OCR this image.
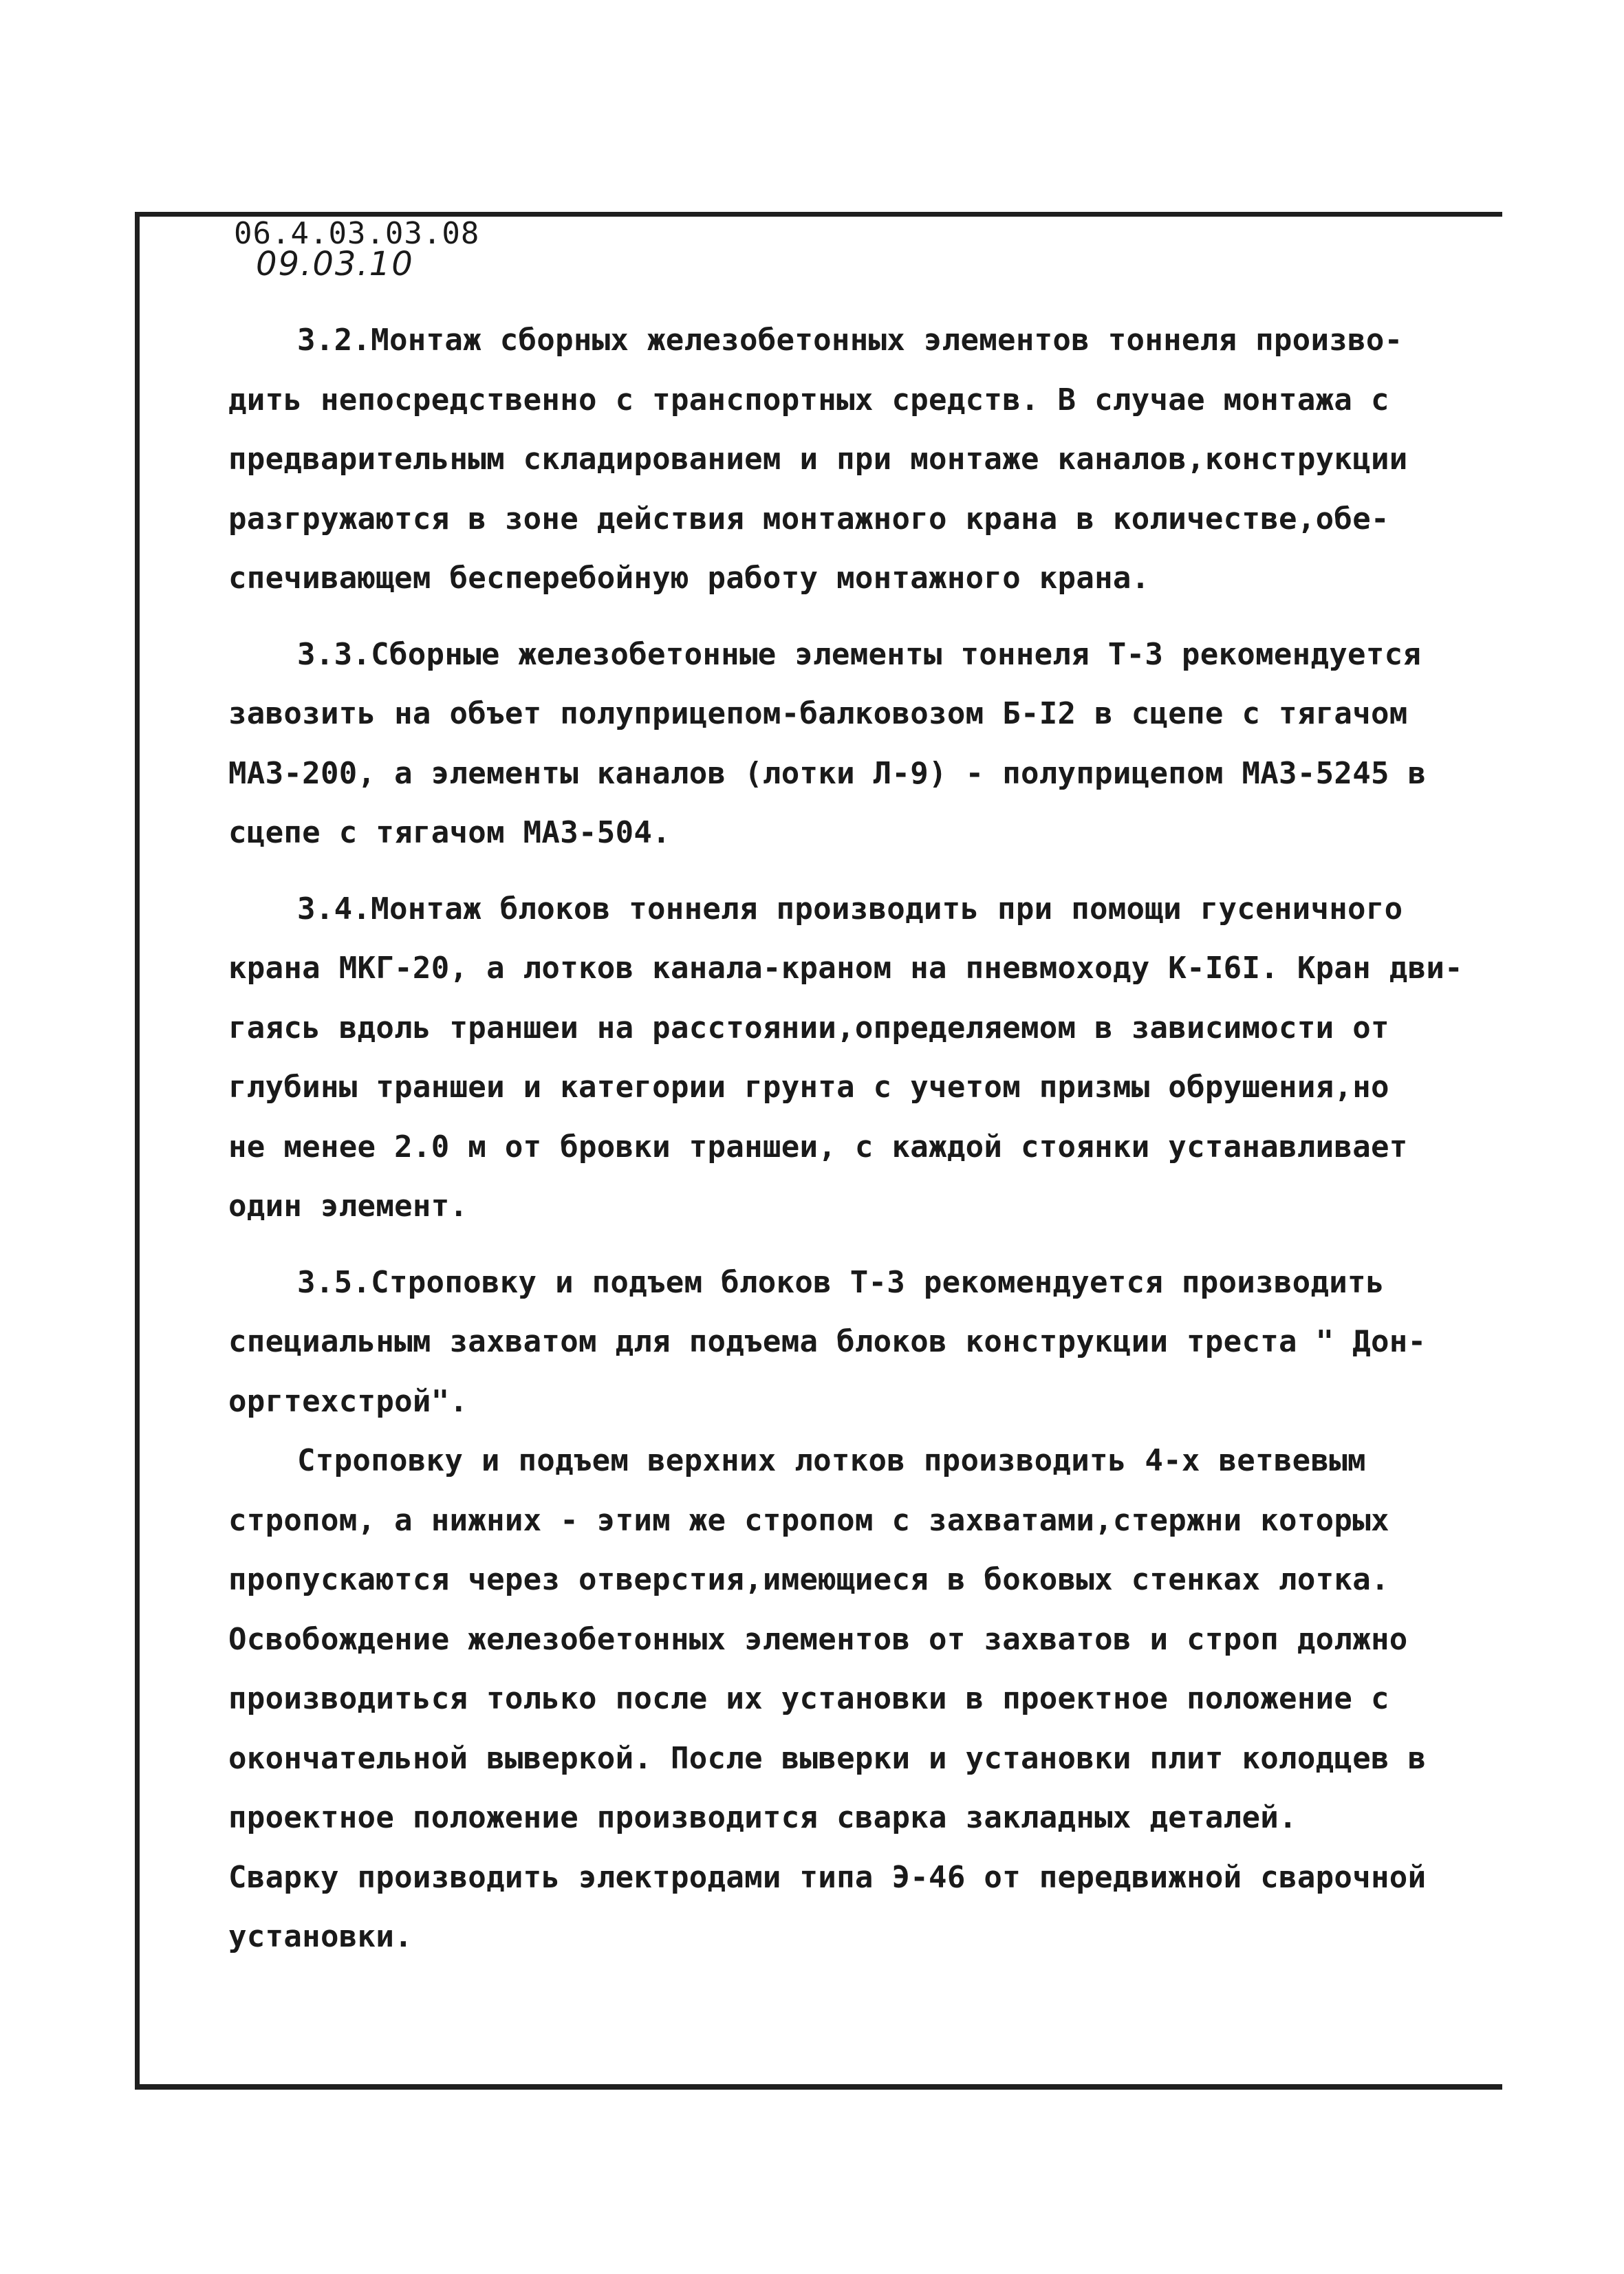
06.4.03.03.08
09.03.10
3.2.Монтаж сборных железобетонных элементов тоннеля произво-
дить непосредственно с транспортных средств. В случае монтажа с
предварительным складированием и при монтаже каналов,конструкции
разгружаются в зоне действия монтажного крана в количестве,обе-
спечивающем бесперебойную работу монтажного крана.
3.3.Сборные железобетонные элементы тоннеля Т-3 рекомендуется
завозить на объет полуприцепом-балковозом Б-I2 в сцепе с тягачом
МАЗ-200, а элементы каналов (лотки Л-9) - полуприцепом МАЗ-5245 в
сцепе с тягачом МАЗ-504.
3.4.Монтаж блоков тоннеля производить при помощи гусеничного
крана МКГ-20, а лотков канала-краном на пневмоходу К-I6I. Кран дви-
гаясь вдоль траншеи на расстоянии,определяемом в зависимости от
глубины траншеи и категории грунта с учетом призмы обрушения,но
не менее 2.0 м от бровки траншеи, с каждой стоянки устанавливает
один элемент.
3.5.Строповку и подъем блоков Т-3 рекомендуется производить
специальным захватом для подъема блоков конструкции треста " Дон-
оргтехстрой".
Строповку и подъем верхних лотков производить 4-х ветвевым
стропом, а нижних - этим же стропом с захватами,стержни которых
пропускаются через отверстия,имеющиеся в боковых стенках лотка.
Освобождение железобетонных элементов от захватов и строп должно
производиться только после их установки в проектное положение с
окончательной выверкой. После выверки и установки плит колодцев в
проектное положение производится сварка закладных деталей.
Сварку производить электродами типа Э-46 от передвижной сварочной
установки.
